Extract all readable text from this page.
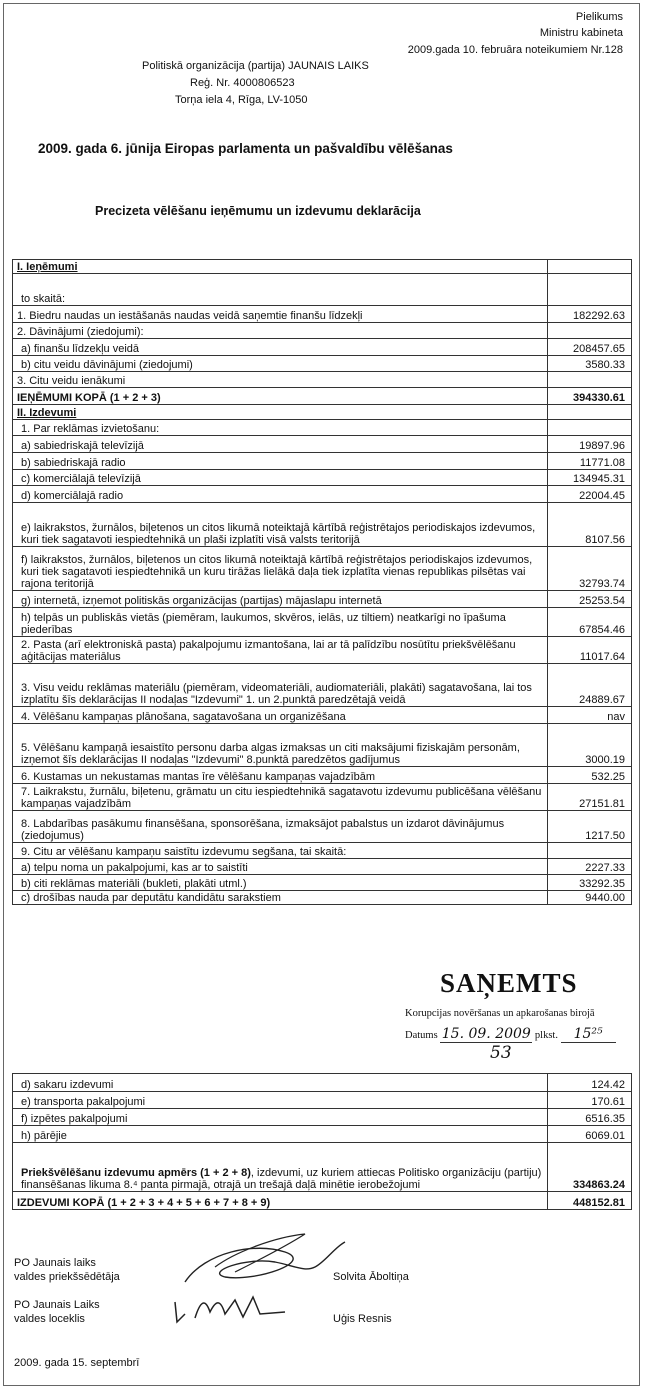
Pielikums
Ministru kabineta
2009.gada 10. februāra noteikumiem Nr.128
Politiskā organizācija (partija) JAUNAIS LAIKS
Reģ. Nr. 4000806523
Torņa iela 4, Rīga, LV-1050
2009. gada 6. jūnija Eiropas parlamenta un pašvaldību vēlēšanas
Precizeta vēlēšanu ieņēmumu un izdevumu deklarācija
I. Ieņēmumi	
to skaitā:	
1. Biedru naudas un iestāšanās naudas veidā saņemtie finanšu līdzekļi	182292.63
2. Dāvinājumi (ziedojumi):	
a) finanšu līdzekļu veidā	208457.65
b) citu veidu dāvinājumi (ziedojumi)	3580.33
3. Citu veidu ienākumi	
IEŅĒMUMI KOPĀ (1 + 2 + 3)	394330.61
II. Izdevumi	
1. Par reklāmas izvietošanu:	
a) sabiedriskajā televīzijā	19897.96
b) sabiedriskajā radio	11771.08
c) komerciālajā televīzijā	134945.31
d) komerciālajā radio	22004.45
e) laikrakstos, žurnālos, biļetenos un citos likumā noteiktajā kārtībā reģistrētajos periodiskajos izdevumos, kuri tiek sagatavoti iespiedtehnikā un plaši izplatīti visā valsts teritorijā	8107.56
f) laikrakstos, žurnālos, biļetenos un citos likumā noteiktajā kārtībā reģistrētajos periodiskajos izdevumos, kuri tiek sagatavoti iespiedtehnikā un kuru tirāžas lielākā daļa tiek izplatīta vienas republikas pilsētas vai rajona teritorijā	32793.74
g) internetā, izņemot politiskās organizācijas (partijas) mājaslapu internetā	25253.54
h) telpās un publiskās vietās (piemēram, laukumos, skvēros, ielās, uz tiltiem) neatkarīgi no īpašuma piederības	67854.46
2. Pasta (arī elektroniskā pasta) pakalpojumu izmantošana, lai ar tā palīdzību nosūtītu priekšvēlēšanu aģitācijas materiālus	11017.64
3. Visu veidu reklāmas materiālu (piemēram, videomateriāli, audiomateriāli, plakāti) sagatavošana, lai tos izplatītu šīs deklarācijas II nodaļas "Izdevumi" 1. un 2.punktā paredzētajā veidā	24889.67
4. Vēlēšanu kampaņas plānošana, sagatavošana un organizēšana	nav
5. Vēlēšanu kampaņā iesaistīto personu darba algas izmaksas un citi maksājumi fiziskajām personām, izņemot šīs deklarācijas II nodaļas "Izdevumi" 8.punktā paredzētos gadījumus	3000.19
6. Kustamas un nekustamas mantas īre vēlēšanu kampaņas vajadzībām	532.25
7. Laikrakstu, žurnālu, biļetenu, grāmatu un citu iespiedtehnikā sagatavotu izdevumu publicēšana vēlēšanu kampaņas vajadzībām	27151.81
8. Labdarības pasākumu finansēšana, sponsorēšana, izmaksājot pabalstus un izdarot dāvinājumus (ziedojumus)	1217.50
9. Citu ar vēlēšanu kampaņu saistītu izdevumu segšana, tai skaitā:	
a) telpu noma un pakalpojumi, kas ar to saistīti	2227.33
b) citi reklāmas materiāli (bukleti, plakāti utml.)	33292.35
c) drošības nauda par deputātu kandidātu sarakstiem	9440.00
SAŅEMTS
Korupcijas novēršanas un apkarošanas birojā
Datums 15. 09. 2009 plkst. 15²⁵
53
d) sakaru izdevumi	124.42
e) transporta pakalpojumi	170.61
f) izpētes pakalpojumi	6516.35
h) pārējie	6069.01
Priekšvēlēšanu izdevumu apmērs (1 + 2 + 8), izdevumi, uz kuriem attiecas Politisko organizāciju (partiju) finansēšanas likuma 8.⁴ panta pirmajā, otrajā un trešajā daļā minētie ierobežojumi	334863.24
IZDEVUMI KOPĀ (1 + 2 + 3 + 4 + 5 + 6 + 7 + 8 + 9)	448152.81
PO Jaunais laiks
valdes priekšsēdētāja	Solvita Āboltiņa
PO Jaunais Laiks
valdes loceklis	Uģis Resnis
2009. gada 15. septembrī
